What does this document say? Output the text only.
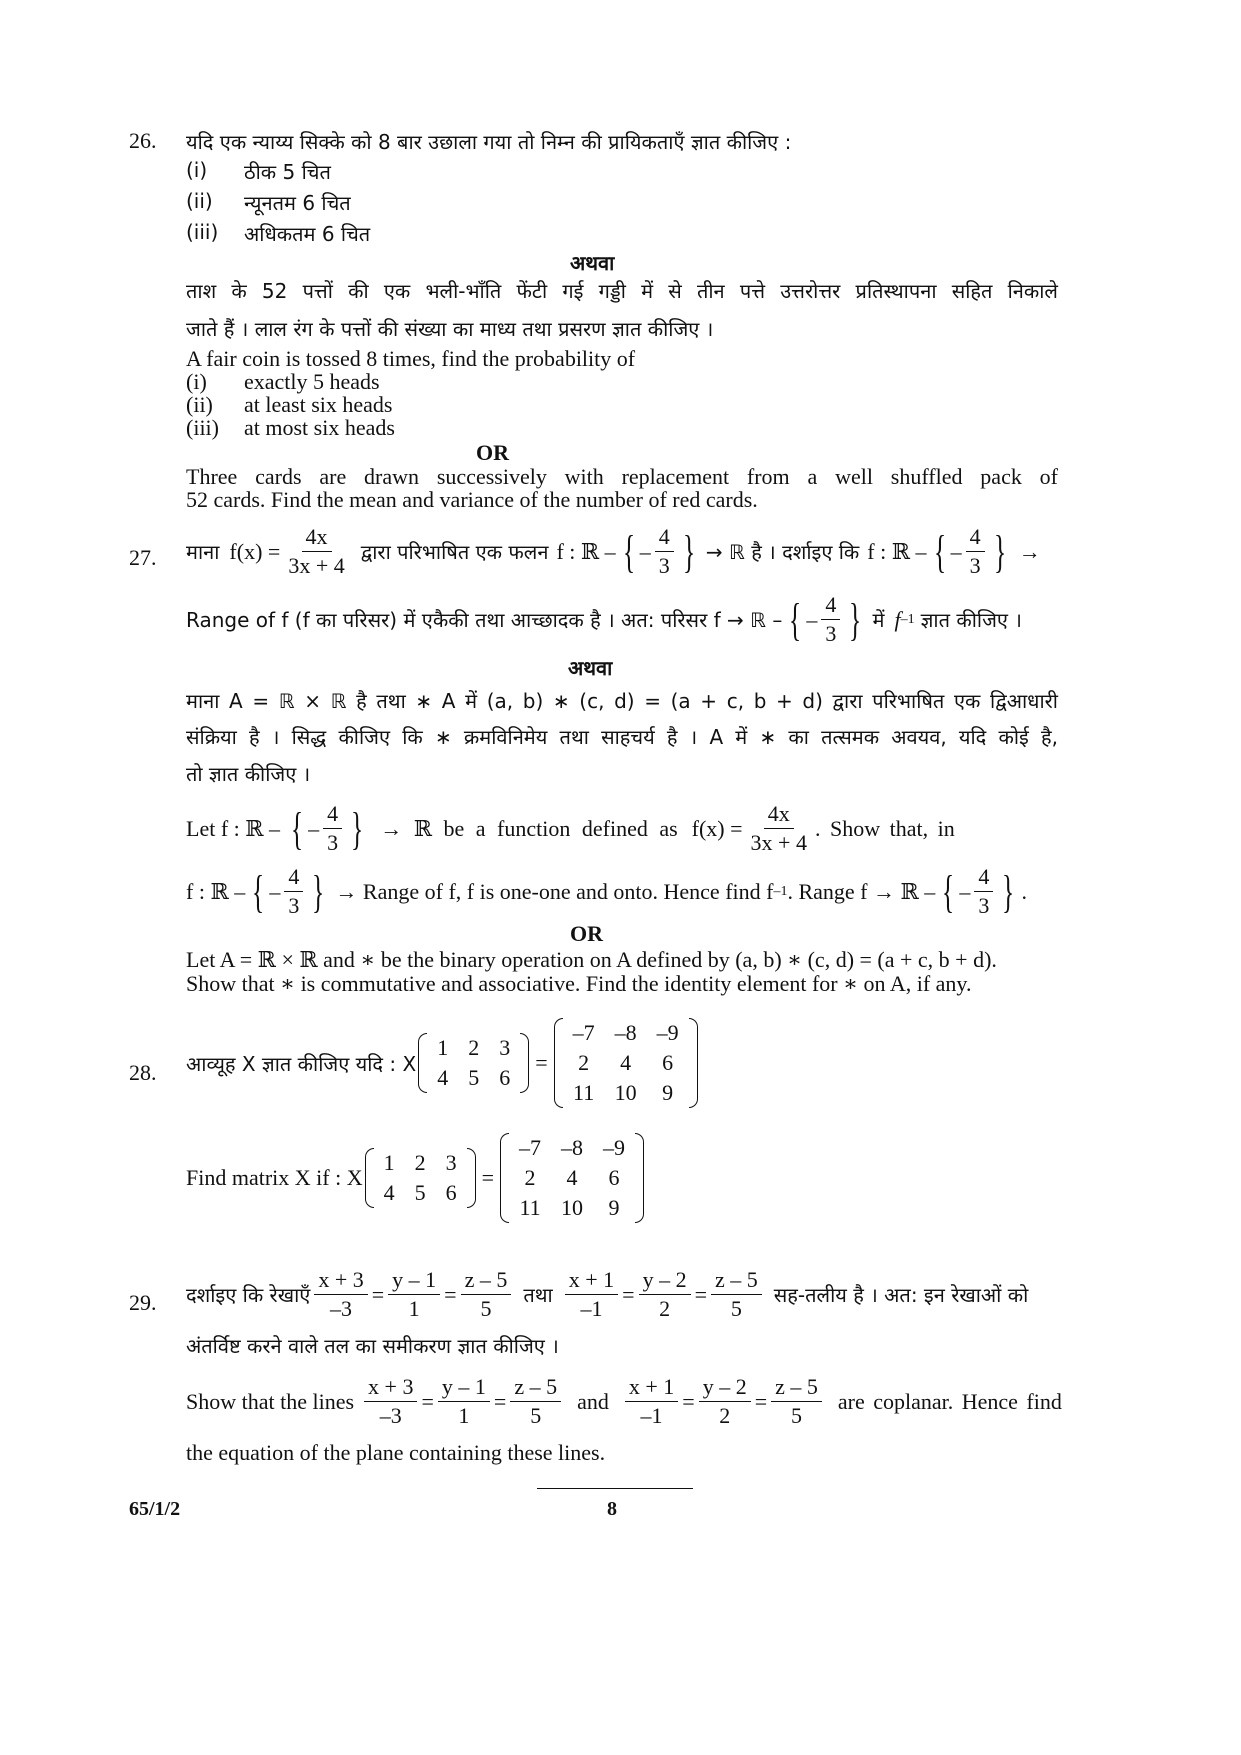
26. यदि एक न्याय्य सिक्के को 8 बार उछाला गया तो निम्न की प्रायिकताएँ ज्ञात कीजिए :
(i) ठीक 5 चित
(ii) न्यूनतम 6 चित
(iii) अधिकतम 6 चित
अथवा
ताश के 52 पत्तों की एक भली-भाँति फेंटी गई गड्डी में से तीन पत्ते उत्तरोत्तर प्रतिस्थापना सहित निकाले
जाते हैं । लाल रंग के पत्तों की संख्या का माध्य तथा प्रसरण ज्ञात कीजिए ।
A fair coin is tossed 8 times, find the probability of
(i) exactly 5 heads
(ii) at least six heads
(iii) at most six heads
OR
Three cards are drawn successively with replacement from a well shuffled pack of
52 cards. Find the mean and variance of the number of red cards.
27. माना $f(x) = \frac{4x}{3x + 4}$ द्वारा परिभाषित एक फलन f : ℝ – { – $\frac{4}{3}$ } → ℝ है । दर्शाइए कि f : ℝ – { – $\frac{4}{3}$ } →
Range of f (f का परिसर) में एकैकी तथा आच्छादक है । अत: परिसर f → ℝ – { – $\frac{4}{3}$ } में f –1 ज्ञात कीजिए ।
अथवा
माना A = ℝ × ℝ है तथा ∗ A में (a, b) ∗ (c, d) = (a + c, b + d) द्वारा परिभाषित एक द्विआधारी
संक्रिया है । सिद्ध कीजिए कि ∗ क्रमविनिमेय तथा साहचर्य है । A में ∗ का तत्समक अवयव, यदि कोई है,
तो ज्ञात कीजिए ।
Let f : ℝ – { – $\frac{4}{3}$ } → ℝ be a function defined as $f(x) = \frac{4x}{3x + 4}$ . Show that, in
f : ℝ – { – $\frac{4}{3}$ } → Range of f, f is one-one and onto. Hence find f –1 . Range f → ℝ – { – $\frac{4}{3}$ } .
OR
Let A = ℝ × ℝ and ∗ be the binary operation on A defined by (a, b) ∗ (c, d) = (a + c, b + d).
Show that ∗ is commutative and associative. Find the identity element for ∗ on A, if any.
28. आव्यूह X ज्ञात कीजिए यदि : X
1	2	3
4	5	6
=
–7	–8	–9
2	4	6
11	10	9
Find matrix X if : X
1	2	3
4	5	6
=
–7	–8	–9
2	4	6
11	10	9
29. दर्शाइए कि रेखाएँ $\frac{x + 3}{-3} = \frac{y - 1}{1} = \frac{z - 5}{5}$ तथा $\frac{x + 1}{-1} = \frac{y - 2}{2} = \frac{z - 5}{5}$ सह-तलीय है । अत: इन रेखाओं को
अंतर्विष्ट करने वाले तल का समीकरण ज्ञात कीजिए ।
Show that the lines $\frac{x + 3}{-3} = \frac{y - 1}{1} = \frac{z - 5}{5}$ and $\frac{x + 1}{-1} = \frac{y - 2}{2} = \frac{z - 5}{5}$ are coplanar. Hence find
the equation of the plane containing these lines.
65/1/2	8
